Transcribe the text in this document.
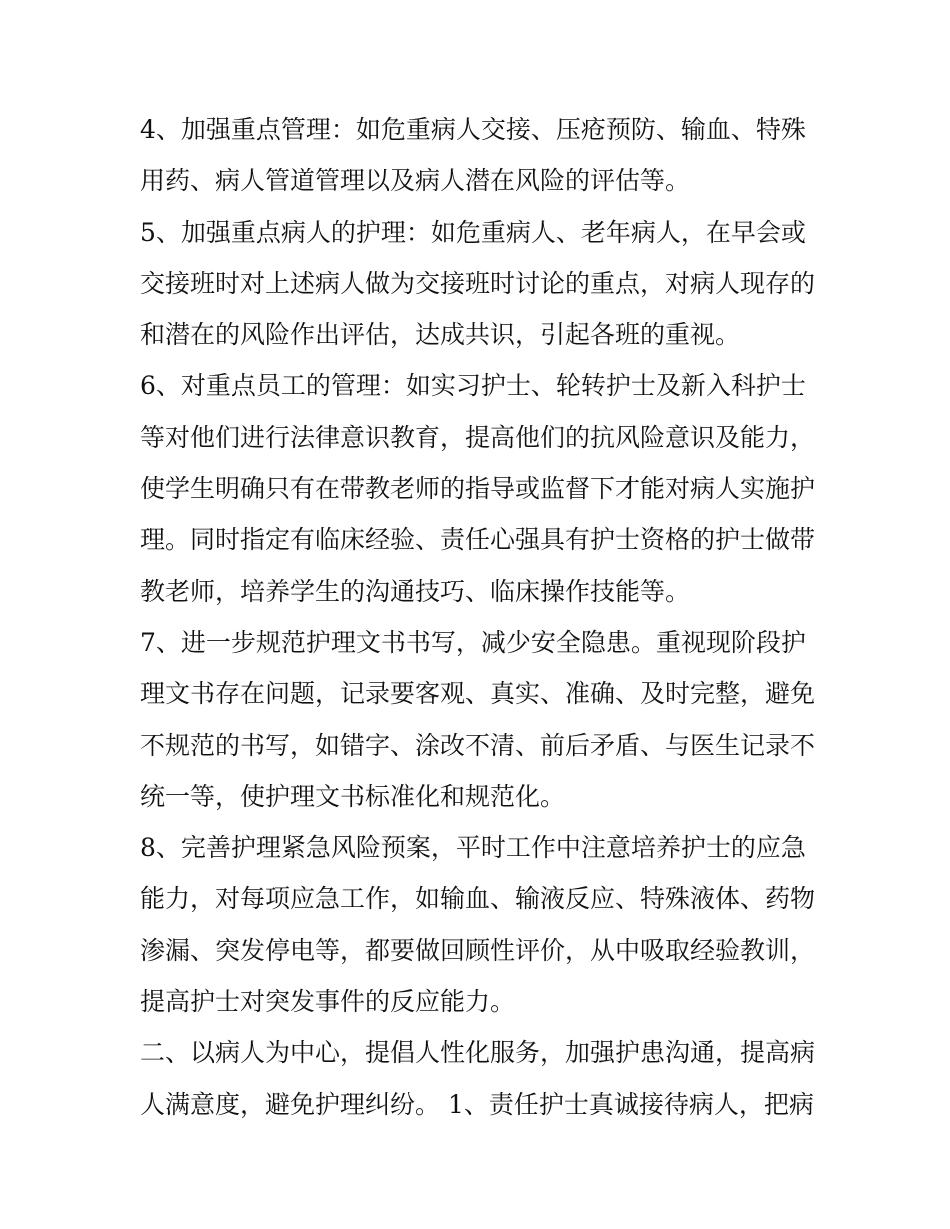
4、加强重点管理：如危重病人交接、压疮预防、输血、特殊
用药、病人管道管理以及病人潜在风险的评估等。
5、加强重点病人的护理：如危重病人、老年病人，在早会或
交接班时对上述病人做为交接班时讨论的重点，对病人现存的
和潜在的风险作出评估，达成共识，引起各班的重视。
6、对重点员工的管理：如实习护士、轮转护士及新入科护士
等对他们进行法律意识教育，提高他们的抗风险意识及能力，
使学生明确只有在带教老师的指导或监督下才能对病人实施护
理。同时指定有临床经验、责任心强具有护士资格的护士做带
教老师，培养学生的沟通技巧、临床操作技能等。
7、进一步规范护理文书书写，减少安全隐患。重视现阶段护
理文书存在问题，记录要客观、真实、准确、及时完整，避免
不规范的书写，如错字、涂改不清、前后矛盾、与医生记录不
统一等，使护理文书标准化和规范化。
8、完善护理紧急风险预案，平时工作中注意培养护士的应急
能力，对每项应急工作，如输血、输液反应、特殊液体、药物
渗漏、突发停电等，都要做回顾性评价，从中吸取经验教训，
提高护士对突发事件的反应能力。
二、以病人为中心，提倡人性化服务，加强护患沟通，提高病
人满意度，避免护理纠纷。 1、责任护士真诚接待病人，把病
